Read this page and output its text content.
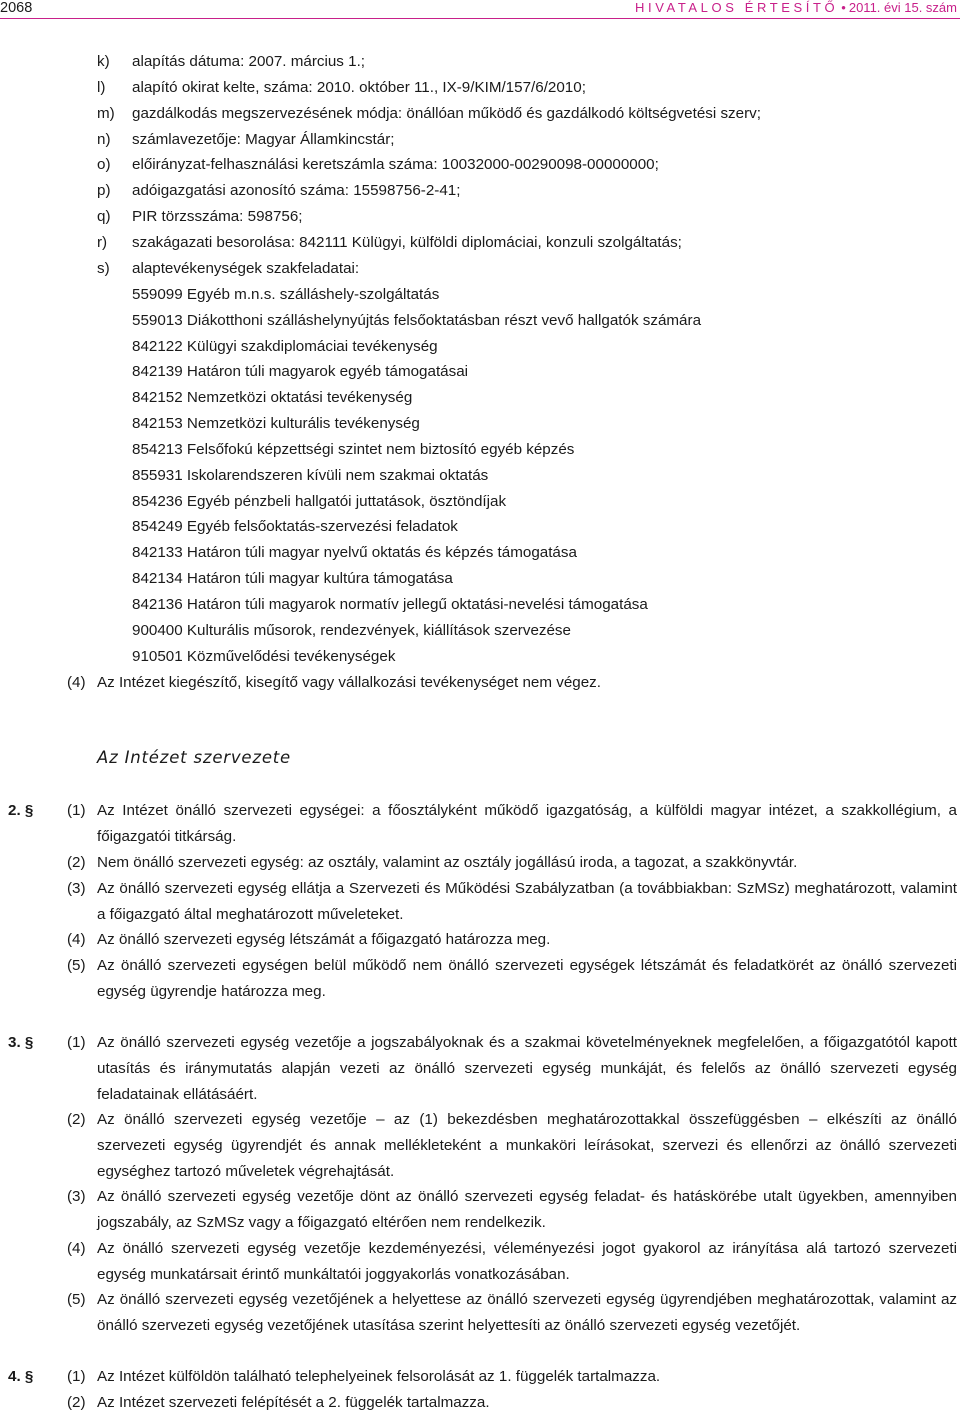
2068	HIVATALOS ÉRTESÍTŐ • 2011. évi 15. szám
k) alapítás dátuma: 2007. március 1.;
l) alapító okirat kelte, száma: 2010. október 11., IX-9/KIM/157/6/2010;
m) gazdálkodás megszervezésének módja: önállóan működő és gazdálkodó költségvetési szerv;
n) számlavezetője: Magyar Államkincstár;
o) előirányzat-felhasználási keretszámla száma: 10032000-00290098-00000000;
p) adóigazgatási azonosító száma: 15598756-2-41;
q) PIR törzsszáma: 598756;
r) szakágazati besorolása: 842111 Külügyi, külföldi diplomáciai, konzuli szolgáltatás;
s) alaptevékenységek szakfeladatai:
559099 Egyéb m.n.s. szálláshely-szolgáltatás
559013 Diákotthoni szálláshelynyújtás felsőoktatásban részt vevő hallgatók számára
842122 Külügyi szakdiplomáciai tevékenység
842139 Határon túli magyarok egyéb támogatásai
842152 Nemzetközi oktatási tevékenység
842153 Nemzetközi kulturális tevékenység
854213 Felsőfokú képzettségi szintet nem biztosító egyéb képzés
855931 Iskolarendszeren kívüli nem szakmai oktatás
854236 Egyéb pénzbeli hallgatói juttatások, ösztöndíjak
854249 Egyéb felsőoktatás-szervezési feladatok
842133 Határon túli magyar nyelvű oktatás és képzés támogatása
842134 Határon túli magyar kultúra támogatása
842136 Határon túli magyarok normatív jellegű oktatási-nevelési támogatása
900400 Kulturális műsorok, rendezvények, kiállítások szervezése
910501 Közművelődési tevékenységek
(4) Az Intézet kiegészítő, kisegítő vagy vállalkozási tevékenységet nem végez.
Az Intézet szervezete
2. § (1) Az Intézet önálló szervezeti egységei: a főosztályként működő igazgatóság, a külföldi magyar intézet, a szakkollégium, a főigazgatói titkárság.
(2) Nem önálló szervezeti egység: az osztály, valamint az osztály jogállású iroda, a tagozat, a szakkönyvtár.
(3) Az önálló szervezeti egység ellátja a Szervezeti és Működési Szabályzatban (a továbbiakban: SzMSz) meghatározott, valamint a főigazgató által meghatározott műveleteket.
(4) Az önálló szervezeti egység létszámát a főigazgató határozza meg.
(5) Az önálló szervezeti egységen belül működő nem önálló szervezeti egységek létszámát és feladatkörét az önálló szervezeti egység ügyrendje határozza meg.
3. § (1) Az önálló szervezeti egység vezetője a jogszabályoknak és a szakmai követelményeknek megfelelően, a főigazgatótól kapott utasítás és iránymutatás alapján vezeti az önálló szervezeti egység munkáját, és felelős az önálló szervezeti egység feladatainak ellátásáért.
(2) Az önálló szervezeti egység vezetője – az (1) bekezdésben meghatározottakkal összefüggésben – elkészíti az önálló szervezeti egység ügyrendjét és annak mellékleteként a munkaköri leírásokat, szervezi és ellenőrzi az önálló szervezeti egységhez tartozó műveletek végrehajtását.
(3) Az önálló szervezeti egység vezetője dönt az önálló szervezeti egység feladat- és hatáskörébe utalt ügyekben, amennyiben jogszabály, az SzMSz vagy a főigazgató eltérően nem rendelkezik.
(4) Az önálló szervezeti egység vezetője kezdeményezési, véleményezési jogot gyakorol az irányítása alá tartozó szervezeti egység munkatársait érintő munkáltatói joggyakorlás vonatkozásában.
(5) Az önálló szervezeti egység vezetőjének a helyettese az önálló szervezeti egység ügyrendjében meghatározottak, valamint az önálló szervezeti egység vezetőjének utasítása szerint helyettesíti az önálló szervezeti egység vezetőjét.
4. § (1) Az Intézet külföldön található telephelyeinek felsorolását az 1. függelék tartalmazza.
(2) Az Intézet szervezeti felépítését a 2. függelék tartalmazza.
